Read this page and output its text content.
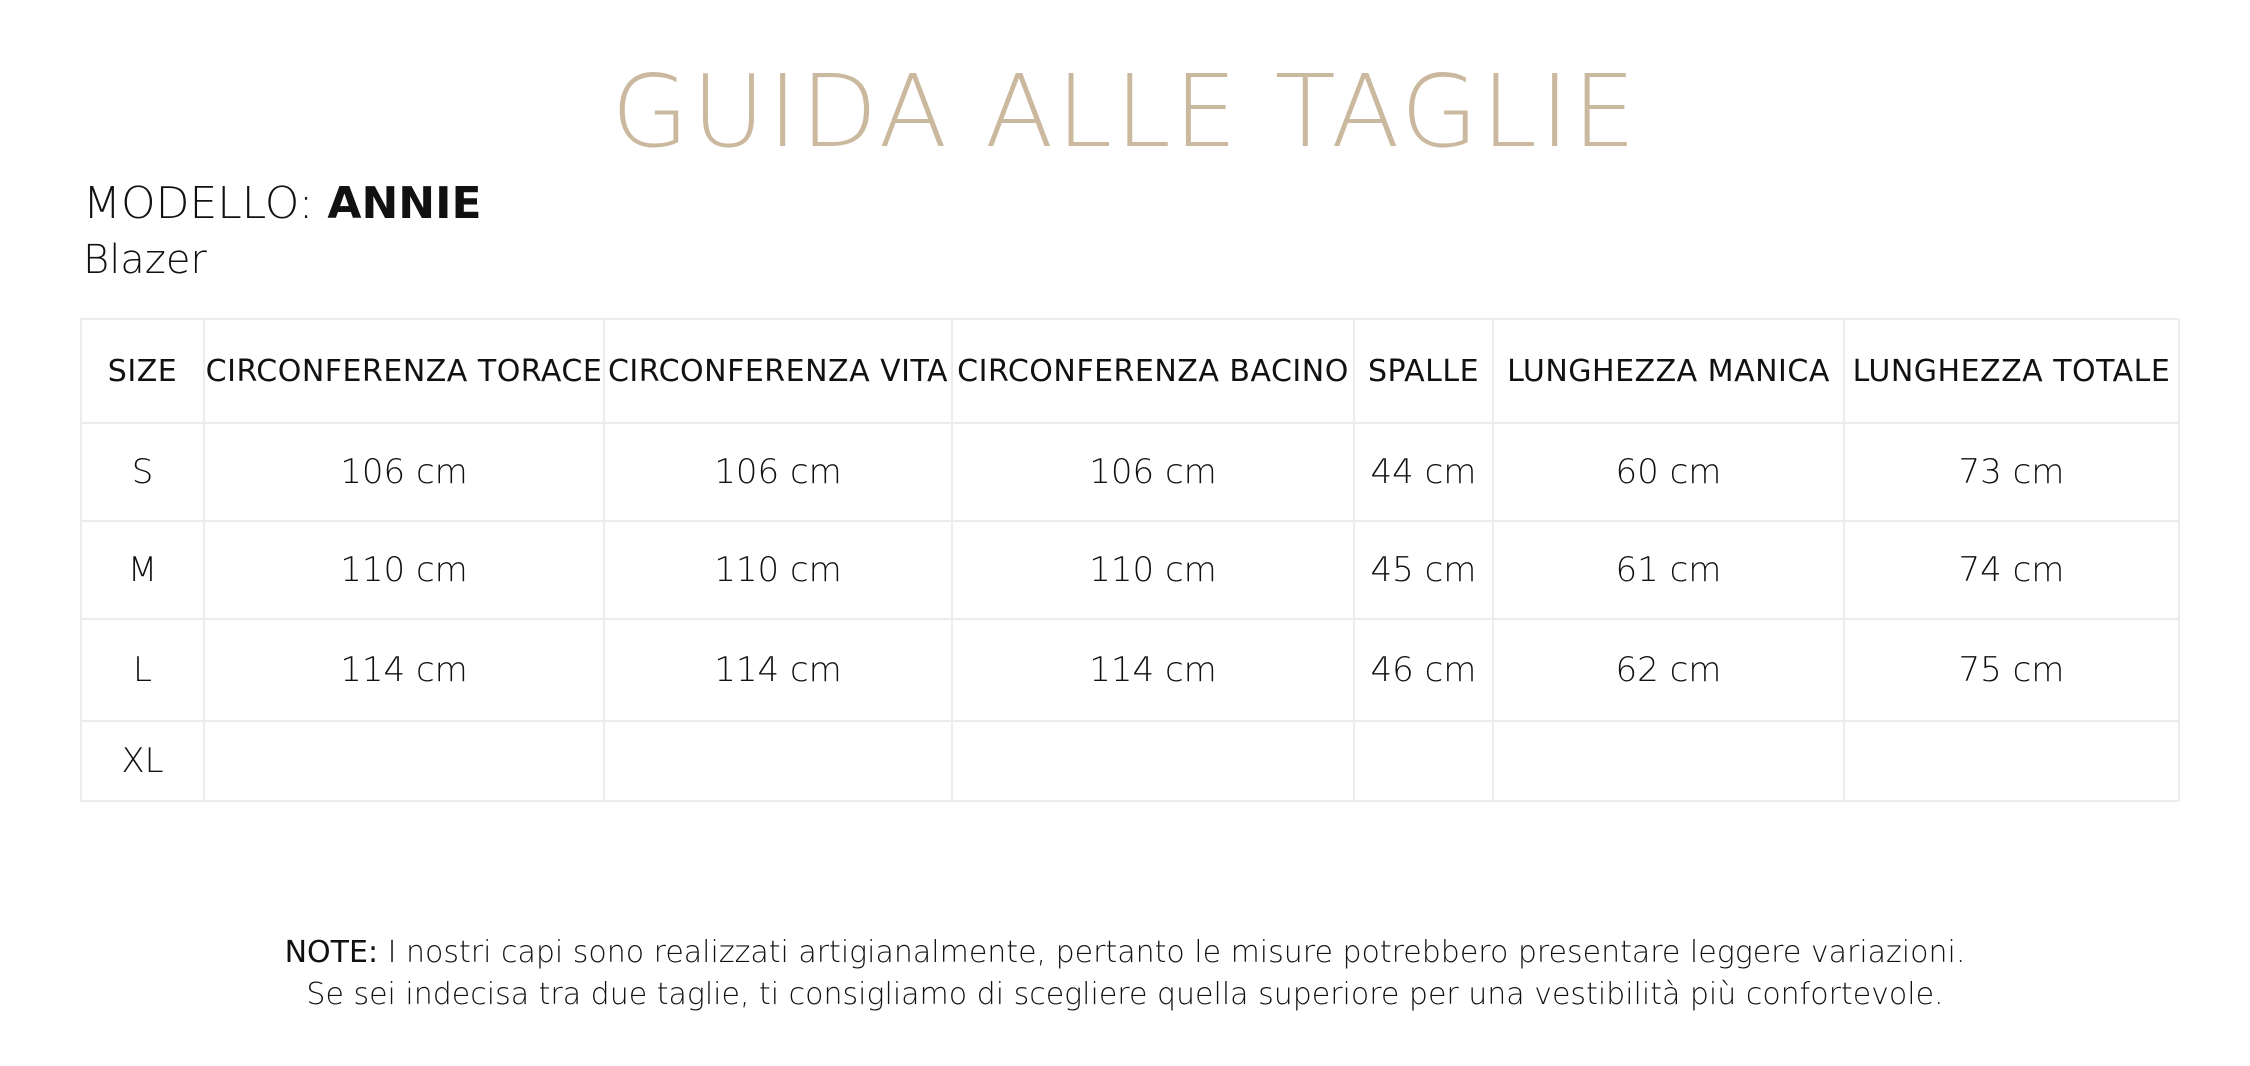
GUIDA ALLE TAGLIE
MODELLO: ANNIE
Blazer
SIZE	CIRCONFERENZA TORACE	CIRCONFERENZA VITA	CIRCONFERENZA BACINO	SPALLE	LUNGHEZZA MANICA	LUNGHEZZA TOTALE
S	106 cm	106 cm	106 cm	44 cm	60 cm	73 cm
M	110 cm	110 cm	110 cm	45 cm	61 cm	74 cm
L	114 cm	114 cm	114 cm	46 cm	62 cm	75 cm
XL						
NOTE: I nostri capi sono realizzati artigianalmente, pertanto le misure potrebbero presentare leggere variazioni.
Se sei indecisa tra due taglie, ti consigliamo di scegliere quella superiore per una vestibilità più confortevole.
